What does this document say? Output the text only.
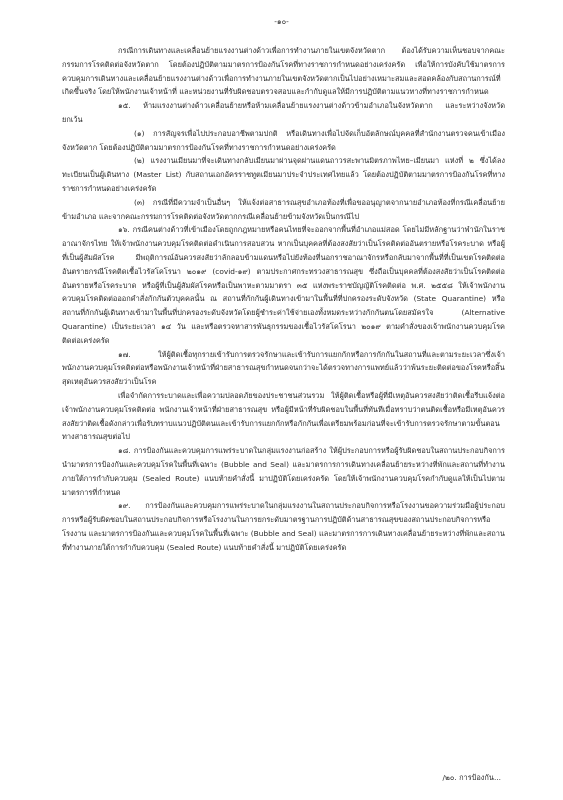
-๑๐-

กรณีการเดินทางและเคลื่อนย้ายแรงงานต่างด้าวเพื่อการทำงานภายในเขตจังหวัดตาก ต้องได้รับความเห็นชอบจากคณะกรรมการโรคติดต่อจังหวัดตาก โดยต้องปฏิบัติตามมาตรการป้องกันโรคที่ทางราชการกำหนดอย่างเคร่งครัด เพื่อให้การบังคับใช้มาตรการควบคุมการเดินทางและเคลื่อนย้ายแรงงานต่างด้าวเพื่อการทำงานภายในเขตจังหวัดตากเป็นไปอย่างเหมาะสมและสอดคล้องกับสถานการณ์ที่เกิดขึ้นจริง โดยให้พนักงานเจ้าหน้าที่ และหน่วยงานที่รับผิดชอบตรวจสอบและกำกับดูแลให้มีการปฏิบัติตามแนวทางที่ทางราชการกำหนด

๑๕. ห้ามแรงงานต่างด้าวเคลื่อนย้ายหรือห้ามเคลื่อนย้ายแรงงานต่างด้าวข้ามอำเภอในจังหวัดตาก และระหว่างจังหวัด ยกเว้น

(๑) การสัญจรเพื่อไปประกอบอาชีพตามปกติ หรือเดินทางเพื่อไปจัดเก็บอัตลักษณ์บุคคลที่สำนักงานตรวจคนเข้าเมืองจังหวัดตาก โดยต้องปฏิบัติตามมาตรการป้องกันโรคที่ทางราชการกำหนดอย่างเคร่งครัด

(๒) แรงงานเมียนมาที่จะเดินทางกลับเมียนมาผ่านจุดผ่านแดนถาวรสะพานมิตรภาพไทย–เมียนมา แห่งที่ ๒ ซึ่งได้ลงทะเบียนเป็นผู้เดินทาง (Master List) กับสถานเอกอัครราชทูตเมียนมาประจำประเทศไทยแล้ว โดยต้องปฏิบัติตามมาตรการป้องกันโรคที่ทางราชการกำหนดอย่างเคร่งครัด

(๓) กรณีที่มีความจำเป็นอื่นๆ ให้แจ้งต่อสาธารณสุขอำเภอท้องที่เพื่อขออนุญาตจากนายอำเภอท้องที่กรณีเคลื่อนย้ายข้ามอำเภอ และจากคณะกรรมการโรคติดต่อจังหวัดตากกรณีเคลื่อนย้ายข้ามจังหวัดเป็นกรณีไป

๑๖. กรณีคนต่างด้าวที่เข้าเมืองโดยถูกกฎหมายหรือคนไทยที่จะออกจากพื้นที่อำเภอแม่สอด โดยไม่มีหลักฐานว่าพำนักในราชอาณาจักรไทย ให้เจ้าพนักงานควบคุมโรคติดต่อดำเนินการสอบสวน หากเป็นบุคคลที่ต้องสงสัยว่าเป็นโรคติดต่ออันตรายหรือโรคระบาด หรือผู้ที่เป็นผู้สัมผัสโรค มีพฤติการณ์อันควรสงสัยว่าลักลอบข้ามแดนหรือไปยังท้องที่นอกราชอาณาจักรหรือกลับมาจากพื้นที่ที่เป็นเขตโรคติดต่ออันตรายกรณีโรคติดเชื้อไวรัสโคโรนา ๒๐๑๙ (covid-๑๙) ตามประกาศกระทรวงสาธารณสุข ซึ่งถือเป็นบุคคลที่ต้องสงสัยว่าเป็นโรคติดต่ออันตรายหรือโรคระบาด หรือผู้ที่เป็นผู้สัมผัสโรคหรือเป็นพาหะตามมาตรา ๓๕ แห่งพระราชบัญญัติโรคติดต่อ พ.ศ. ๒๕๕๘ ให้เจ้าพนักงานควบคุมโรคติดต่อออกคำสั่งกักกันตัวบุคคลนั้น ณ สถานที่กักกันผู้เดินทางเข้ามาในพื้นที่ที่ปกครองระดับจังหวัด (State Quarantine) หรือ สถานที่กักกันผู้เดินทางเข้ามาในพื้นที่ปกครองระดับจังหวัดโดยผู้ชำระค่าใช้จ่ายเองทั้งหมดระหว่างกักกันตนโดยสมัครใจ (Alternative Quarantine) เป็นระยะเวลา ๑๔ วัน และหรือตรวจหาสารพันธุกรรมของเชื้อไวรัสโคโรนา ๒๐๑๙ ตามคำสั่งของเจ้าพนักงานควบคุมโรคติดต่อเคร่งครัด

๑๗. ให้ผู้ติดเชื้อทุกรายเข้ารับการตรวจรักษาและเข้ารับการแยกกักหรือการกักกันในสถานที่และตามระยะเวลาซึ่งเจ้าพนักงานควบคุมโรคติดต่อหรือพนักงานเจ้าหน้าที่ฝ่ายสาธารณสุขกำหนดจนกว่าจะได้ตรวจทางการแพทย์แล้วว่าพ้นระยะติดต่อของโรคหรือสิ้นสุดเหตุอันควรสงสัยว่าเป็นโรค

เพื่อจำกัดการระบาดและเพื่อความปลอดภัยของประชาชนส่วนรวม ให้ผู้ติดเชื้อหรือผู้ที่มีเหตุอันควรสงสัยว่าติดเชื้อรีบแจ้งต่อเจ้าพนักงานควบคุมโรคติดต่อ พนักงานเจ้าหน้าที่ฝ่ายสาธารณสุข หรือผู้มีหน้าที่รับผิดชอบในพื้นที่ทันทีเมื่อทราบว่าตนติดเชื้อหรือมีเหตุอันควรสงสัยว่าติดเชื้อดังกล่าวเพื่อรับทราบแนวปฏิบัติตนและเข้ารับการแยกกักหรือกักกันเพื่อเตรียมพร้อมก่อนที่จะเข้ารับการตรวจรักษาตามขั้นตอนทางสาธารณสุขต่อไป

๑๘. การป้องกันและควบคุมการแพร่ระบาดในกลุ่มแรงงานก่อสร้าง ให้ผู้ประกอบการหรือผู้รับผิดชอบในสถานประกอบกิจการนำมาตรการป้องกันและควบคุมโรคในพื้นที่เฉพาะ (Bubble and Seal) และมาตรการการเดินทางเคลื่อนย้ายระหว่างที่พักและสถานที่ทำงานภายใต้การกำกับควบคุม (Sealed Route) แนบท้ายคำสั่งนี้ มาปฏิบัติโดยเคร่งครัด โดยให้เจ้าพนักงานควบคุมโรคกำกับดูแลให้เป็นไปตามมาตรการที่กำหนด

๑๙. การป้องกันและควบคุมการแพร่ระบาดในกลุ่มแรงงานในสถานประกอบกิจการหรือโรงงานขอความร่วมมือผู้ประกอบการหรือผู้รับผิดชอบในสถานประกอบกิจการหรือโรงงานในการยกระดับมาตรฐานการปฏิบัติด้านสาธารณสุขของสถานประกอบกิจการหรือโรงงาน และมาตรการป้องกันและควบคุมโรคในพื้นที่เฉพาะ (Bubble and Seal) และมาตรการการเดินทางเคลื่อนย้ายระหว่างที่พักและสถานที่ทำงานภายใต้การกำกับควบคุม (Sealed Route) แนบท้ายคำสั่งนี้ มาปฏิบัติโดยเคร่งครัด

/๒๐. การป้องกัน...
